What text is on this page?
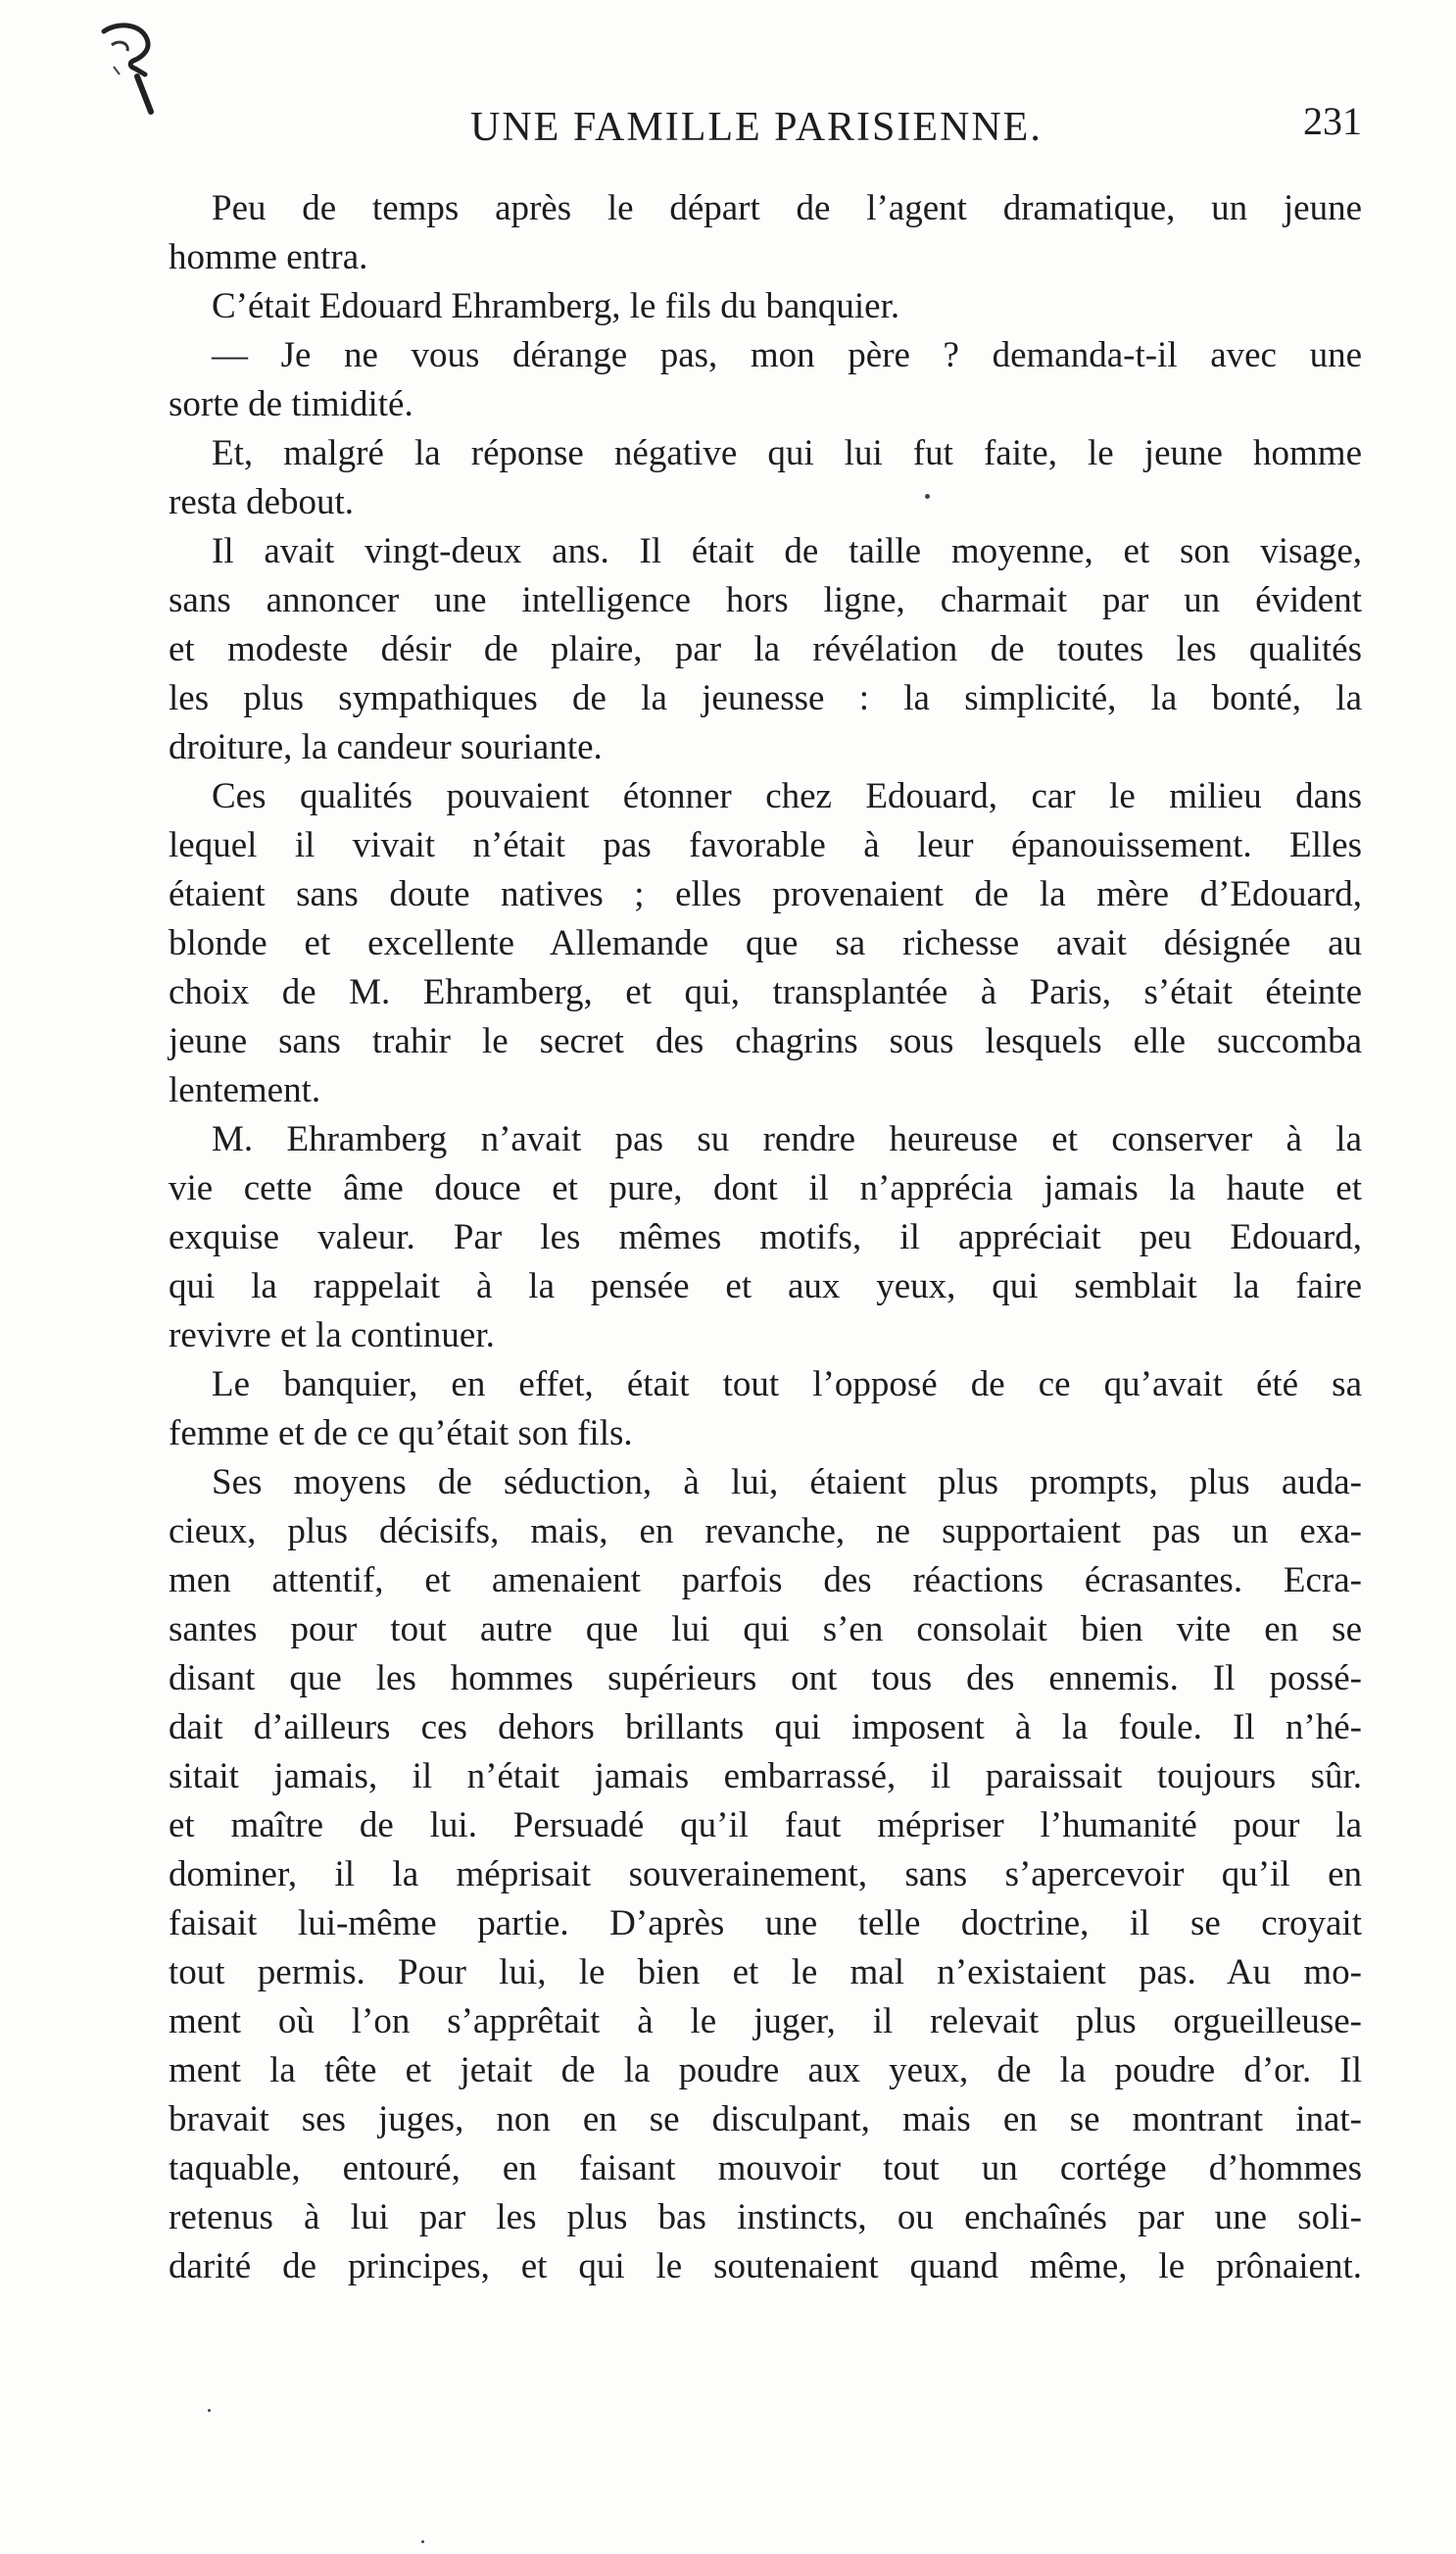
UNE FAMILLE PARISIENNE.	231
Peu de temps après le départ de l’agent dramatique, un jeune
homme entra.
C’était Edouard Ehramberg, le fils du banquier.
— Je ne vous dérange pas, mon père ? demanda-t-il avec une
sorte de timidité.
Et, malgré la réponse négative qui lui fut faite, le jeune homme
resta debout.
Il avait vingt-deux ans. Il était de taille moyenne, et son visage,
sans annoncer une intelligence hors ligne, charmait par un évident
et modeste désir de plaire, par la révélation de toutes les qualités
les plus sympathiques de la jeunesse : la simplicité, la bonté, la
droiture, la candeur souriante.
Ces qualités pouvaient étonner chez Edouard, car le milieu dans
lequel il vivait n’était pas favorable à leur épanouissement. Elles
étaient sans doute natives ; elles provenaient de la mère d’Edouard,
blonde et excellente Allemande que sa richesse avait désignée au
choix de M. Ehramberg, et qui, transplantée à Paris, s’était éteinte
jeune sans trahir le secret des chagrins sous lesquels elle succomba
lentement.
M. Ehramberg n’avait pas su rendre heureuse et conserver à la
vie cette âme douce et pure, dont il n’apprécia jamais la haute et
exquise valeur. Par les mêmes motifs, il appréciait peu Edouard,
qui la rappelait à la pensée et aux yeux, qui semblait la faire
revivre et la continuer.
Le banquier, en effet, était tout l’opposé de ce qu’avait été sa
femme et de ce qu’était son fils.
Ses moyens de séduction, à lui, étaient plus prompts, plus auda-
cieux, plus décisifs, mais, en revanche, ne supportaient pas un exa-
men attentif, et amenaient parfois des réactions écrasantes. Ecra-
santes pour tout autre que lui qui s’en consolait bien vite en se
disant que les hommes supérieurs ont tous des ennemis. Il possé-
dait d’ailleurs ces dehors brillants qui imposent à la foule. Il n’hé-
sitait jamais, il n’était jamais embarrassé, il paraissait toujours sûr.
et maître de lui. Persuadé qu’il faut mépriser l’humanité pour la
dominer, il la méprisait souverainement, sans s’apercevoir qu’il en
faisait lui-même partie. D’après une telle doctrine, il se croyait
tout permis. Pour lui, le bien et le mal n’existaient pas. Au mo-
ment où l’on s’apprêtait à le juger, il relevait plus orgueilleuse-
ment la tête et jetait de la poudre aux yeux, de la poudre d’or. Il
bravait ses juges, non en se disculpant, mais en se montrant inat-
taquable, entouré, en faisant mouvoir tout un cortége d’hommes
retenus à lui par les plus bas instincts, ou enchaînés par une soli-
darité de principes, et qui le soutenaient quand même, le prônaient.
